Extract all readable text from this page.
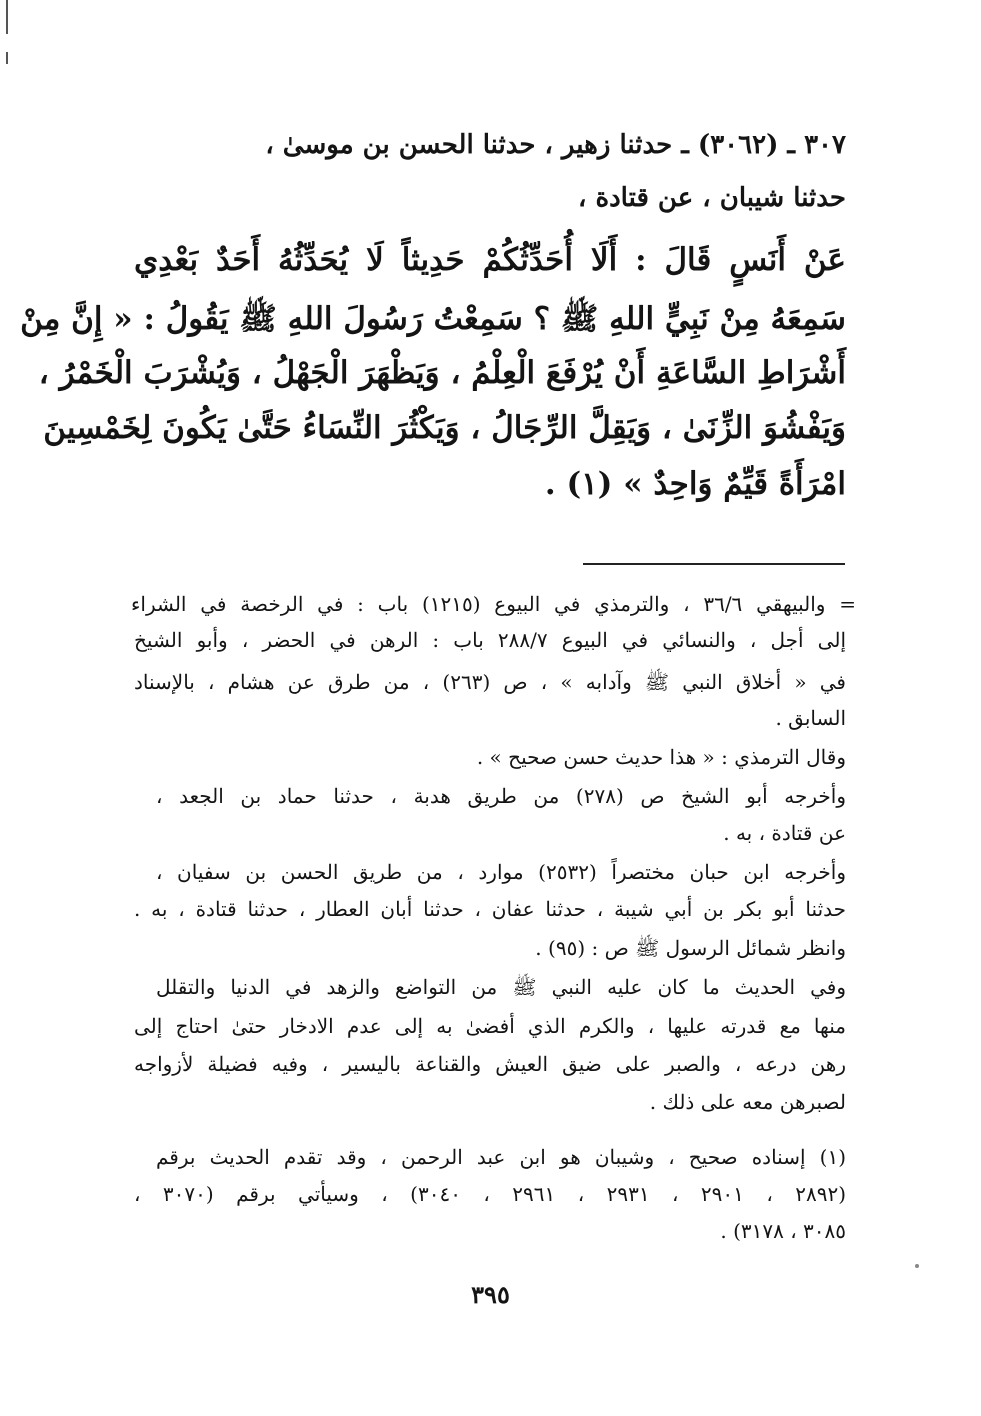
٣٠٧ ـ (٣٠٦٢) ـ حدثنا زهير ، حدثنا الحسن بن موسىٰ ،
حدثنا شيبان ، عن قتادة ،
عَنْ أَنَسٍ قَالَ : أَلَا أُحَدِّثُكُمْ حَدِيثاً لَا يُحَدِّثُهُ أَحَدٌ بَعْدِي
سَمِعَهُ مِنْ نَبِيٍّ اللهِ ﷺ ؟ سَمِعْتُ رَسُولَ اللهِ ﷺ يَقُولُ : « إِنَّ مِنْ
أَشْرَاطِ السَّاعَةِ أَنْ يُرْفَعَ الْعِلْمُ ، وَيَظْهَرَ الْجَهْلُ ، وَيُشْرَبَ الْخَمْرُ ،
وَيَفْشُوَ الزِّنَىٰ ، وَيَقِلَّ الرِّجَالُ ، وَيَكْثُرَ النِّسَاءُ حَتَّىٰ يَكُونَ لِخَمْسِينَ
امْرَأَةً قَيِّمٌ وَاحِدٌ » (١) .
= والبيهقي ٣٦/٦ ، والترمذي في البيوع (١٢١٥) باب : في الرخصة في الشراء
إلى أجل ، والنسائي في البيوع ٢٨٨/٧ باب : الرهن في الحضر ، وأبو الشيخ
في « أخلاق النبي ﷺ وآدابه » ، ص (٢٦٣) ، من طرق عن هشام ، بالإسناد
السابق .
وقال الترمذي : « هذا حديث حسن صحيح » .
وأخرجه أبو الشيخ ص (٢٧٨) من طريق هدبة ، حدثنا حماد بن الجعد ،
عن قتادة ، به .
وأخرجه ابن حبان مختصراً (٢٥٣٢) موارد ، من طريق الحسن بن سفيان ،
حدثنا أبو بكر بن أبي شيبة ، حدثنا عفان ، حدثنا أبان العطار ، حدثنا قتادة ، به .
وانظر شمائل الرسول ﷺ ص : (٩٥) .
وفي الحديث ما كان عليه النبي ﷺ من التواضع والزهد في الدنيا والتقلل
منها مع قدرته عليها ، والكرم الذي أفضىٰ به إلى عدم الادخار حتىٰ احتاج إلى
رهن درعه ، والصبر على ضيق العيش والقناعة باليسير ، وفيه فضيلة لأزواجه
لصبرهن معه على ذلك .
(١) إسناده صحيح ، وشيبان هو ابن عبد الرحمن ، وقد تقدم الحديث برقم
(٢٨٩٢ ، ٢٩٠١ ، ٢٩٣١ ، ٢٩٦١ ، ٣٠٤٠) ، وسيأتي برقم (٣٠٧٠ ،
٣٠٨٥ ، ٣١٧٨) .
٣٩٥
